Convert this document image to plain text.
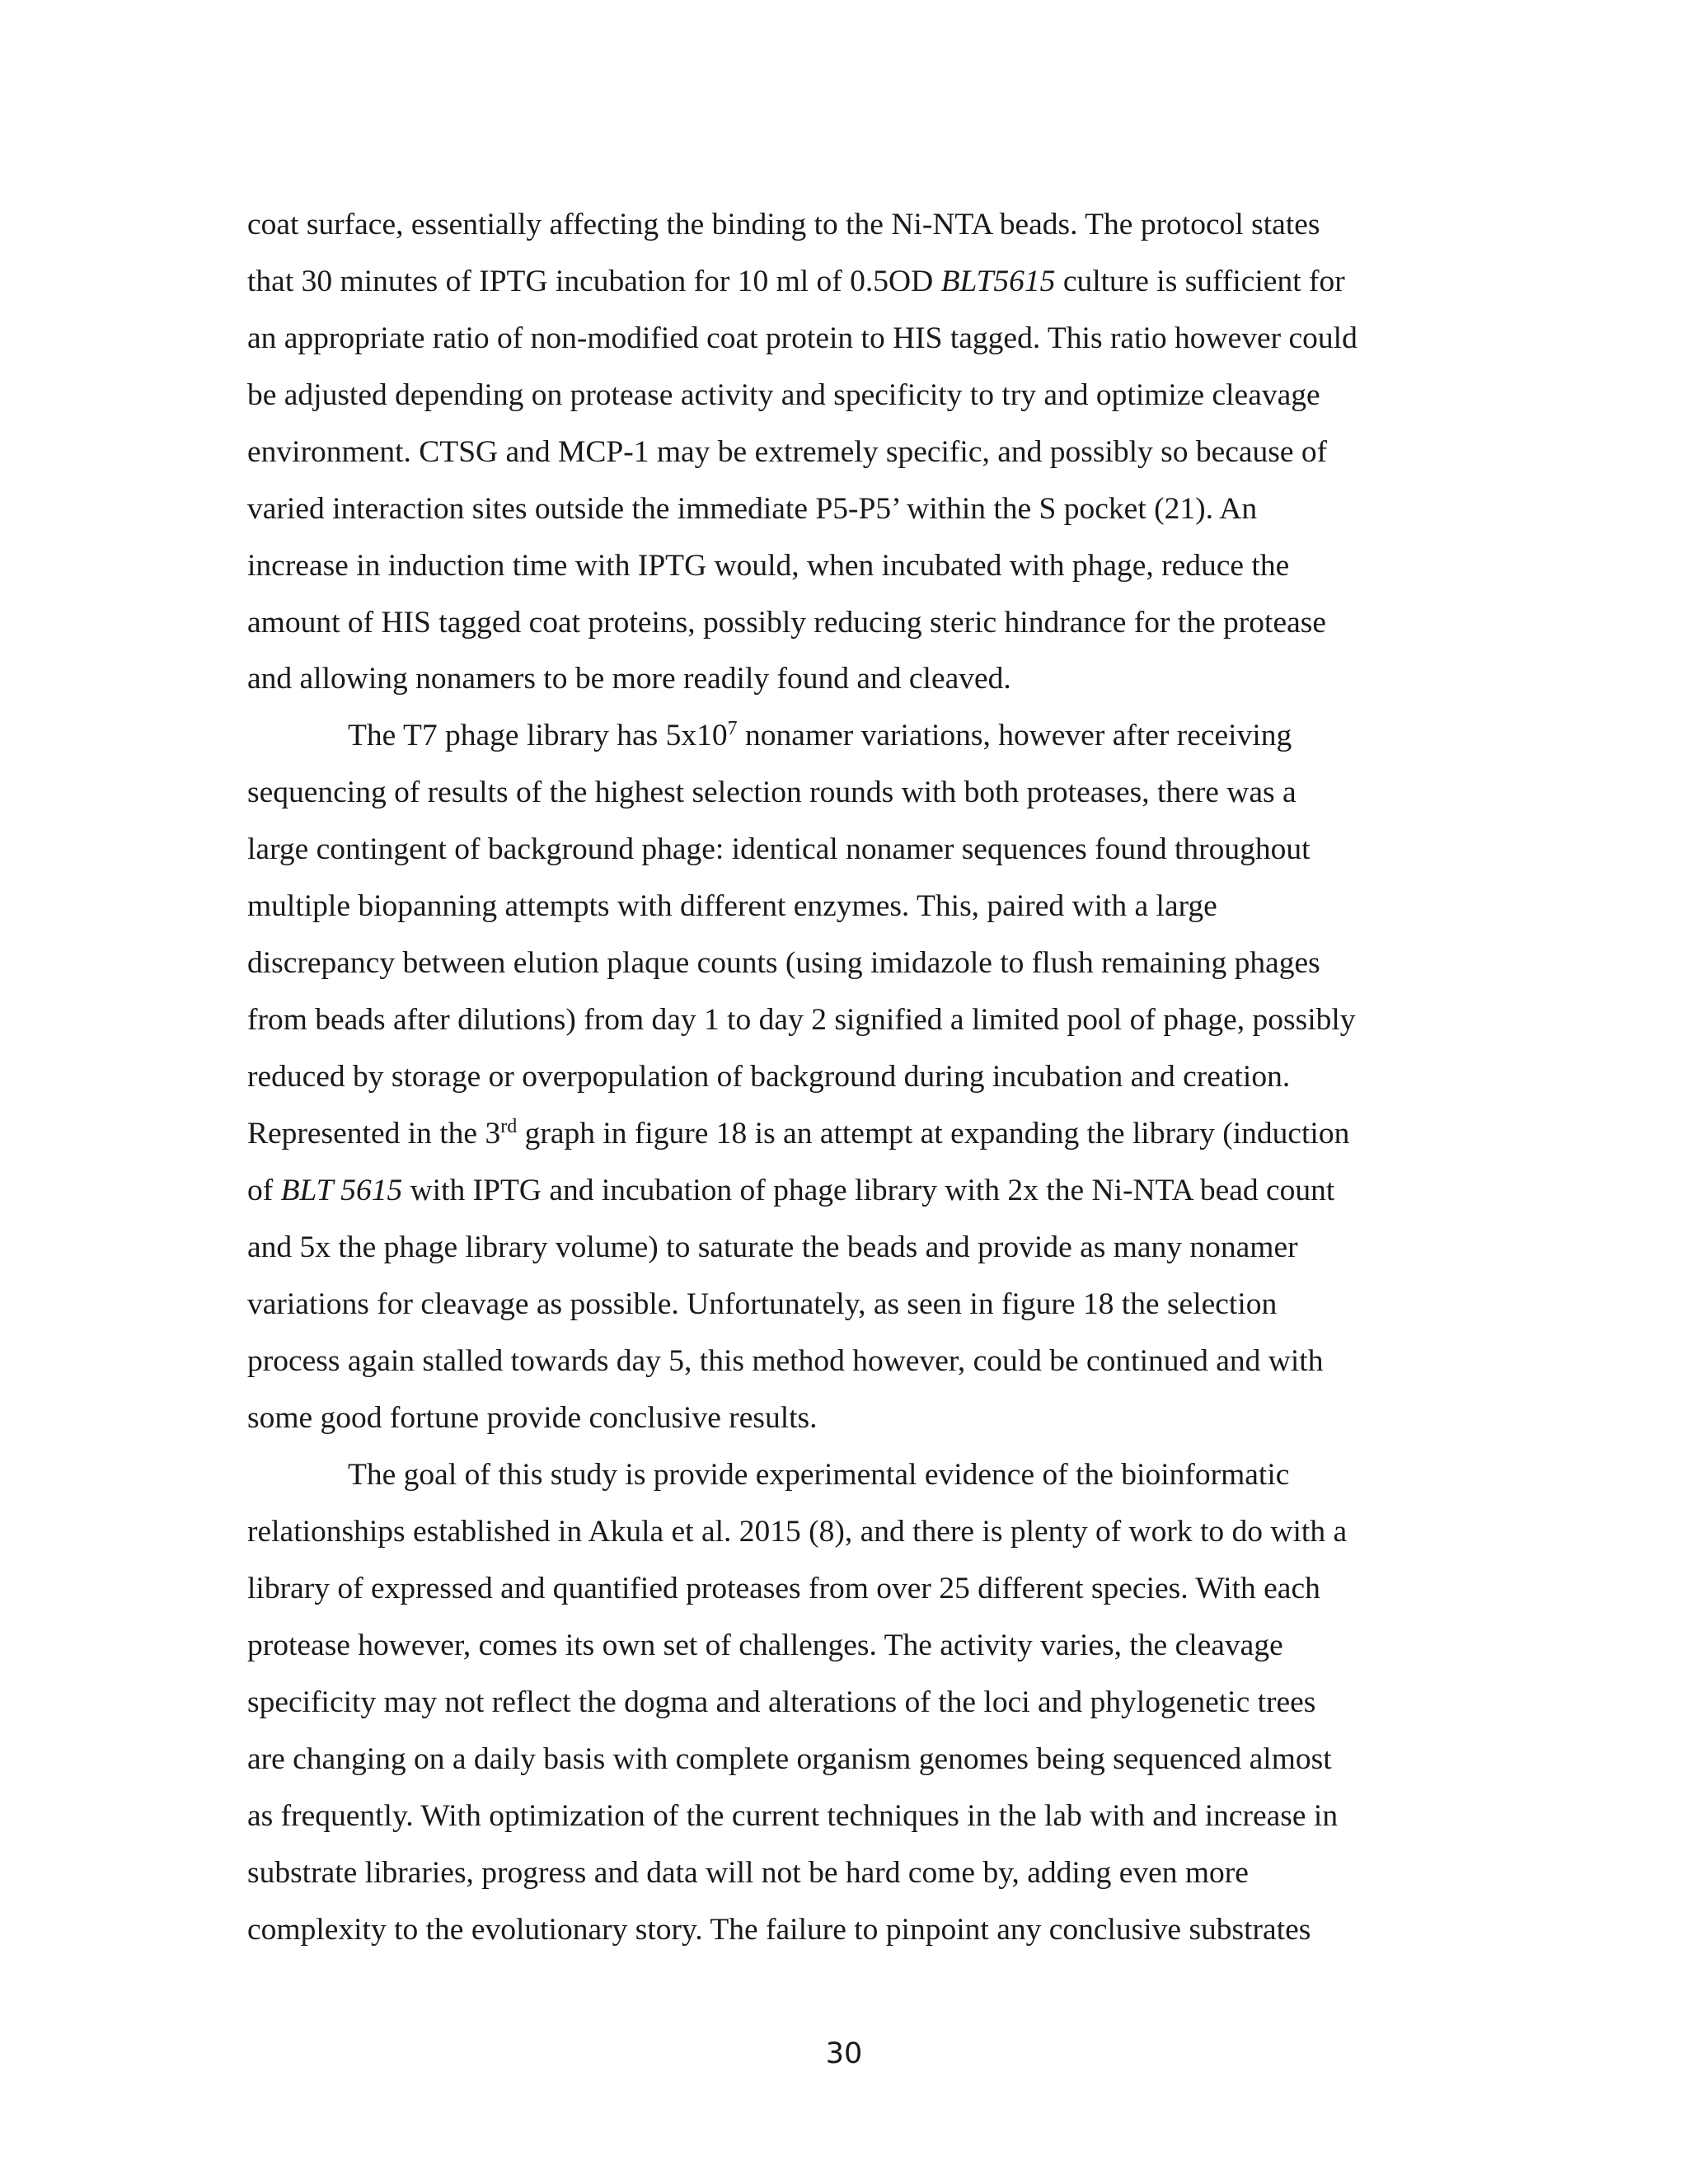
coat surface, essentially affecting the binding to the Ni-NTA beads. The protocol states
that 30 minutes of IPTG incubation for 10 ml of 0.5OD BLT5615 culture is sufficient for
an appropriate ratio of non-modified coat protein to HIS tagged. This ratio however could
be adjusted depending on protease activity and specificity to try and optimize cleavage
environment. CTSG and MCP-1 may be extremely specific, and possibly so because of
varied interaction sites outside the immediate P5-P5’ within the S pocket (21). An
increase in induction time with IPTG would, when incubated with phage, reduce the
amount of HIS tagged coat proteins, possibly reducing steric hindrance for the protease
and allowing nonamers to be more readily found and cleaved.
The T7 phage library has $5x10^7$ nonamer variations, however after receiving
sequencing of results of the highest selection rounds with both proteases, there was a
large contingent of background phage: identical nonamer sequences found throughout
multiple biopanning attempts with different enzymes. This, paired with a large
discrepancy between elution plaque counts (using imidazole to flush remaining phages
from beads after dilutions) from day 1 to day 2 signified a limited pool of phage, possibly
reduced by storage or overpopulation of background during incubation and creation.
Represented in the 3rd graph in figure 18 is an attempt at expanding the library (induction
of BLT 5615 with IPTG and incubation of phage library with 2x the Ni-NTA bead count
and 5x the phage library volume) to saturate the beads and provide as many nonamer
variations for cleavage as possible. Unfortunately, as seen in figure 18 the selection
process again stalled towards day 5, this method however, could be continued and with
some good fortune provide conclusive results.
The goal of this study is provide experimental evidence of the bioinformatic
relationships established in Akula et al. 2015 (8), and there is plenty of work to do with a
library of expressed and quantified proteases from over 25 different species. With each
protease however, comes its own set of challenges. The activity varies, the cleavage
specificity may not reflect the dogma and alterations of the loci and phylogenetic trees
are changing on a daily basis with complete organism genomes being sequenced almost
as frequently. With optimization of the current techniques in the lab with and increase in
substrate libraries, progress and data will not be hard come by, adding even more
complexity to the evolutionary story. The failure to pinpoint any conclusive substrates
30
